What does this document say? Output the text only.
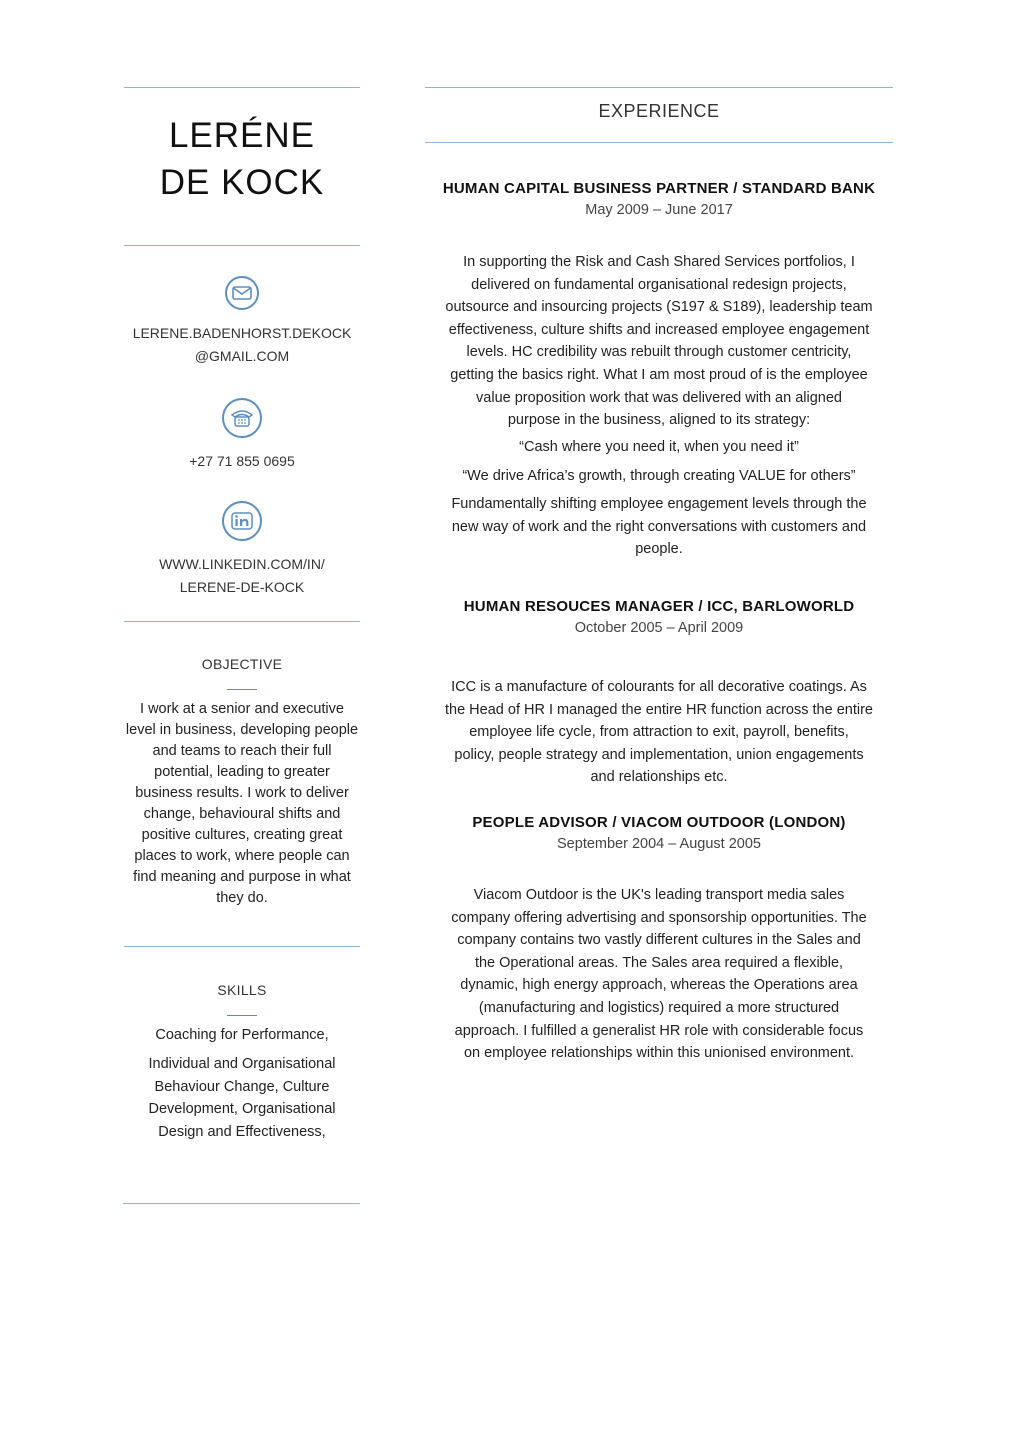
LERÉNE
DE KOCK
LERENE.BADENHORST.DEKOCK
@GMAIL.COM
+27 71 855 0695
WWW.LINKEDIN.COM/IN/
LERENE-DE-KOCK
OBJECTIVE
I work at a senior and executive
level in business, developing people
and teams to reach their full
potential, leading to greater
business results. I work to deliver
change, behavioural shifts and
positive cultures, creating great
places to work, where people can
find meaning and purpose in what
they do.
SKILLS
Coaching for Performance,
Individual and Organisational
Behaviour Change, Culture
Development, Organisational
Design and Effectiveness,
EXPERIENCE
HUMAN CAPITAL BUSINESS PARTNER / STANDARD BANK
May 2009 – June 2017
In supporting the Risk and Cash Shared Services portfolios, I
delivered on fundamental organisational redesign projects,
outsource and insourcing projects (S197 & S189), leadership team
effectiveness, culture shifts and increased employee engagement
levels. HC credibility was rebuilt through customer centricity,
getting the basics right. What I am most proud of is the employee
value proposition work that was delivered with an aligned
purpose in the business, aligned to its strategy:
“Cash where you need it, when you need it”
“We drive Africa’s growth, through creating VALUE for others”
Fundamentally shifting employee engagement levels through the
new way of work and the right conversations with customers and
people.
HUMAN RESOUCES MANAGER / ICC, BARLOWORLD
October 2005 – April 2009
ICC is a manufacture of colourants for all decorative coatings. As
the Head of HR I managed the entire HR function across the entire
employee life cycle, from attraction to exit, payroll, benefits,
policy, people strategy and implementation, union engagements
and relationships etc.
PEOPLE ADVISOR / VIACOM OUTDOOR (LONDON)
September 2004 – August 2005
Viacom Outdoor is the UK's leading transport media sales
company offering advertising and sponsorship opportunities. The
company contains two vastly different cultures in the Sales and
the Operational areas. The Sales area required a flexible,
dynamic, high energy approach, whereas the Operations area
(manufacturing and logistics) required a more structured
approach. I fulfilled a generalist HR role with considerable focus
on employee relationships within this unionised environment.
